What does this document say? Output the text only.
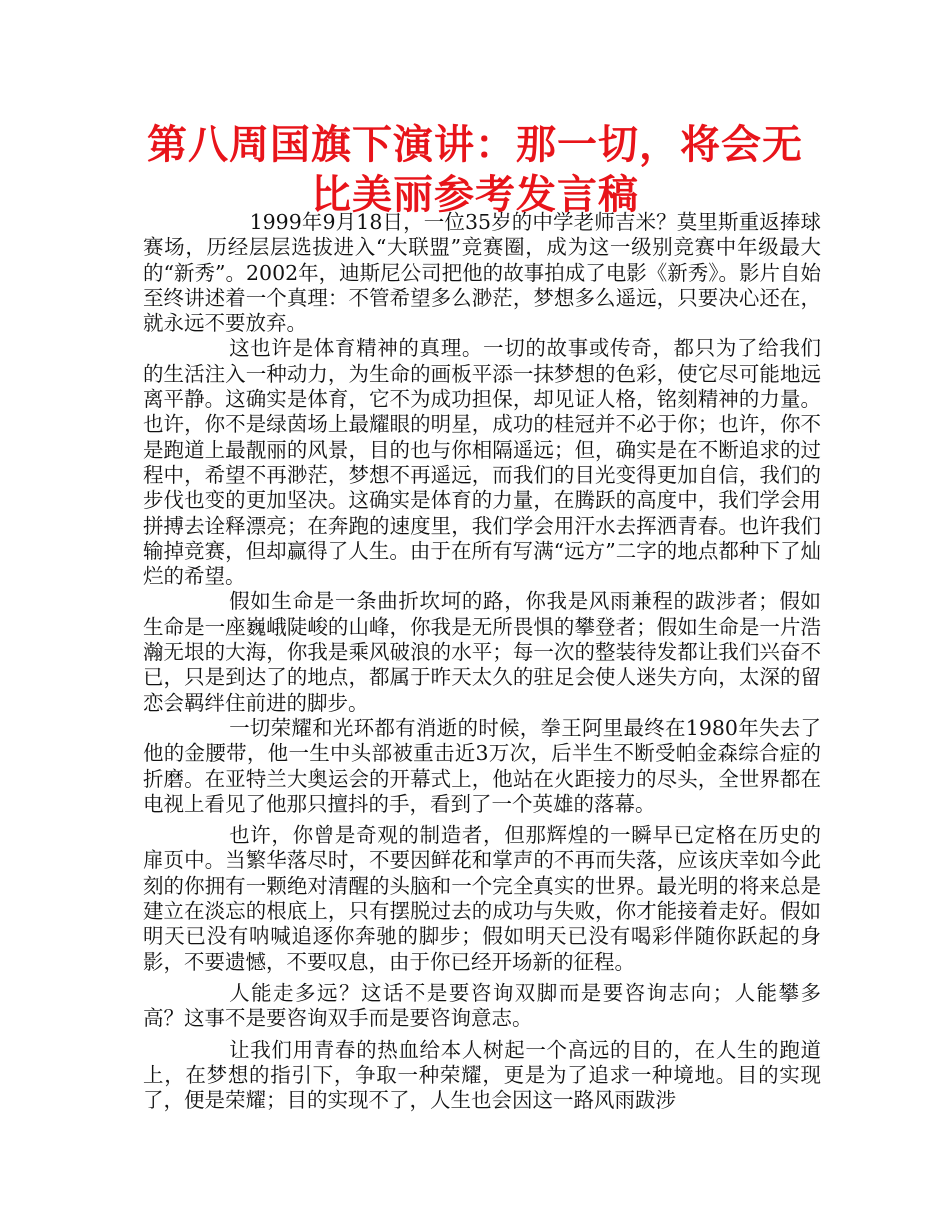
第八周国旗下演讲：那一切，将会无比美丽参考发言稿

1999年9月18日，一位35岁的中学老师吉米？莫里斯重返捧球赛场，历经层层选拔进入“大联盟”竞赛圈，成为这一级别竞赛中年级最大的“新秀”。2002年，迪斯尼公司把他的故事拍成了电影《新秀》。影片自始至终讲述着一个真理：不管希望多么渺茫，梦想多么遥远，只要决心还在，就永远不要放弃。

这也许是体育精神的真理。一切的故事或传奇，都只为了给我们的生活注入一种动力，为生命的画板平添一抹梦想的色彩，使它尽可能地远离平静。这确实是体育，它不为成功担保，却见证人格，铭刻精神的力量。也许，你不是绿茵场上最耀眼的明星，成功的桂冠并不必于你；也许，你不是跑道上最靓丽的风景，目的也与你相隔遥远；但，确实是在不断追求的过程中，希望不再渺茫，梦想不再遥远，而我们的目光变得更加自信，我们的步伐也变的更加坚决。这确实是体育的力量，在腾跃的高度中，我们学会用拼搏去诠释漂亮；在奔跑的速度里，我们学会用汗水去挥洒青春。也许我们输掉竞赛，但却赢得了人生。由于在所有写满“远方”二字的地点都种下了灿烂的希望。

假如生命是一条曲折坎坷的路，你我是风雨兼程的跋涉者；假如生命是一座巍峨陡峻的山峰，你我是无所畏惧的攀登者；假如生命是一片浩瀚无垠的大海，你我是乘风破浪的水平；每一次的整装待发都让我们兴奋不已，只是到达了的地点，都属于昨天太久的驻足会使人迷失方向，太深的留恋会羁绊住前进的脚步。

一切荣耀和光环都有消逝的时候，拳王阿里最终在1980年失去了他的金腰带，他一生中头部被重击近3万次，后半生不断受帕金森综合症的折磨。在亚特兰大奥运会的开幕式上，他站在火距接力的尽头，全世界都在电视上看见了他那只擅抖的手，看到了一个英雄的落幕。

也许，你曾是奇观的制造者，但那辉煌的一瞬早已定格在历史的扉页中。当繁华落尽时，不要因鲜花和掌声的不再而失落，应该庆幸如今此刻的你拥有一颗绝对清醒的头脑和一个完全真实的世界。最光明的将来总是建立在淡忘的根底上，只有摆脱过去的成功与失败，你才能接着走好。假如明天已没有呐喊追逐你奔驰的脚步；假如明天已没有喝彩伴随你跃起的身影，不要遗憾，不要叹息，由于你已经开场新的征程。

人能走多远？这话不是要咨询双脚而是要咨询志向；人能攀多高？这事不是要咨询双手而是要咨询意志。

让我们用青春的热血给本人树起一个高远的目的，在人生的跑道上，在梦想的指引下，争取一种荣耀，更是为了追求一种境地。目的实现了，便是荣耀；目的实现不了，人生也会因这一路风雨跋涉
